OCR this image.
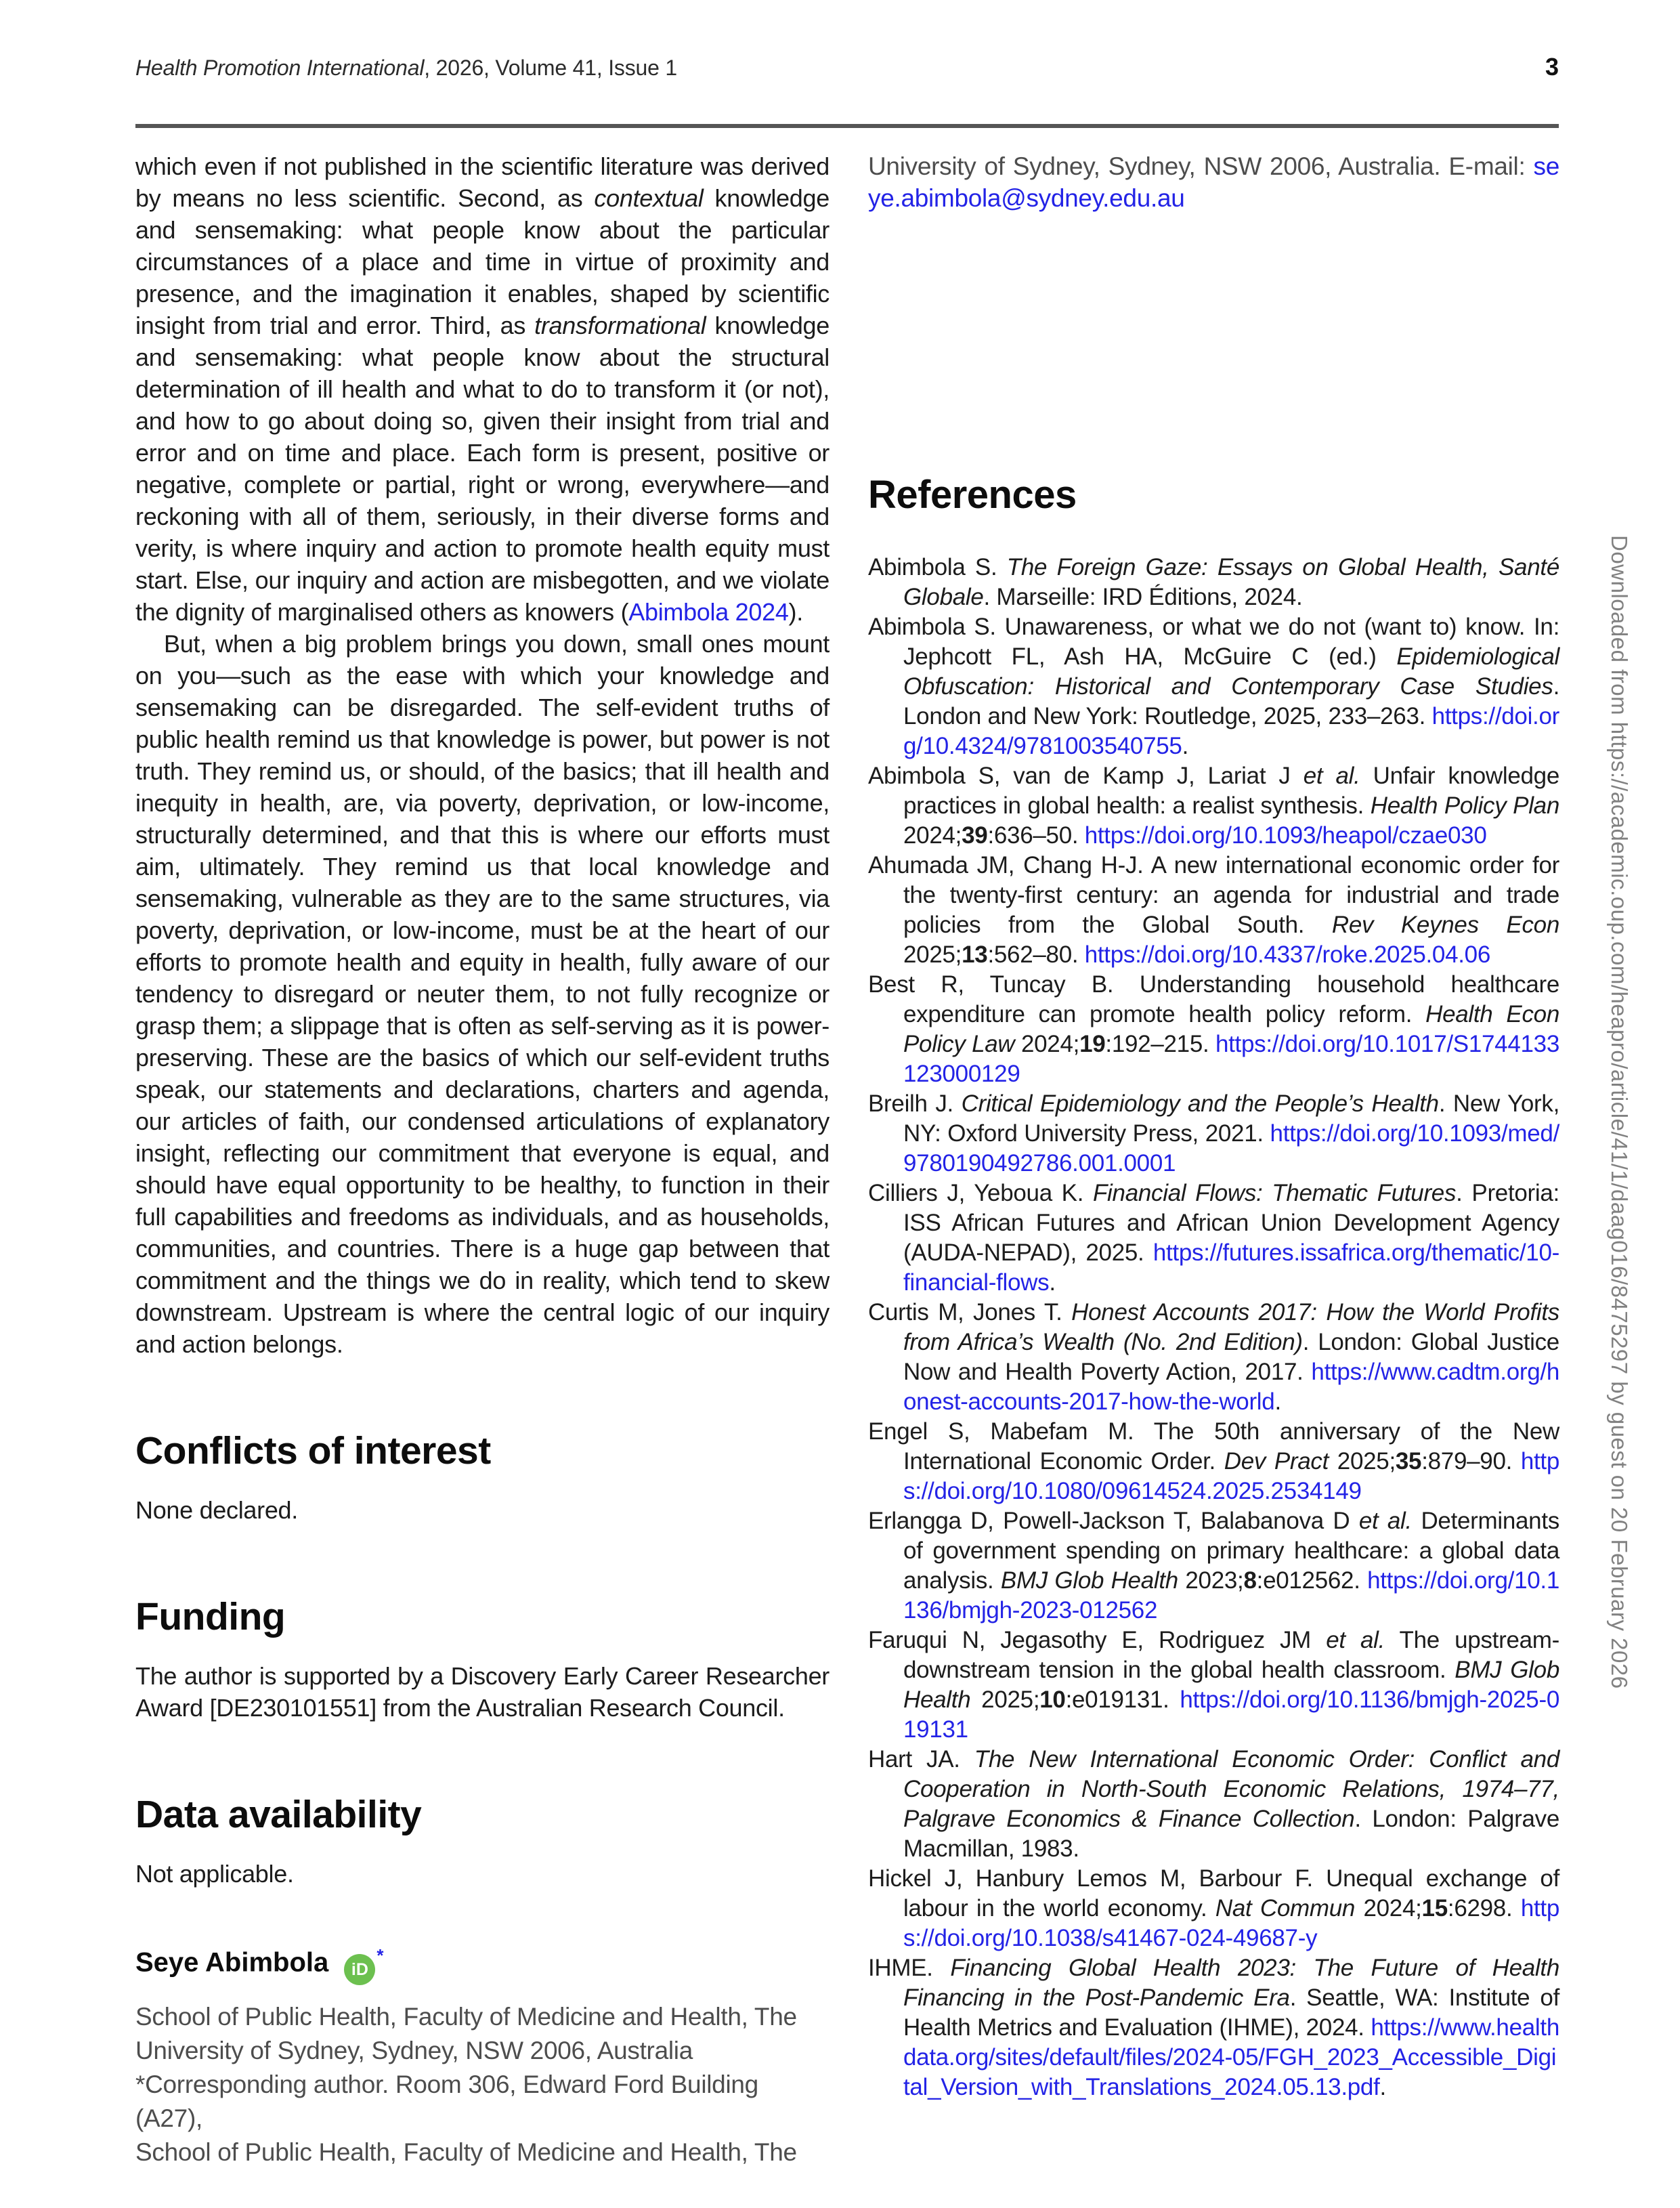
Health Promotion International, 2026, Volume 41, Issue 1	3

which even if not published in the scientific literature was derived by means no less scientific. Second, as contextual knowledge and sensemaking: what people know about the particular circumstances of a place and time in virtue of proximity and presence, and the imagination it enables, shaped by scientific insight from trial and error. Third, as transformational knowledge and sensemaking: what people know about the structural determination of ill health and what to do to transform it (or not), and how to go about doing so, given their insight from trial and error and on time and place. Each form is present, positive or negative, complete or partial, right or wrong, everywhere—and reckoning with all of them, seriously, in their diverse forms and verity, is where inquiry and action to promote health equity must start. Else, our inquiry and action are misbegotten, and we violate the dignity of marginalised others as knowers (Abimbola 2024).

But, when a big problem brings you down, small ones mount on you—such as the ease with which your knowledge and sensemaking can be disregarded. The self-evident truths of public health remind us that knowledge is power, but power is not truth. They remind us, or should, of the basics; that ill health and inequity in health, are, via poverty, deprivation, or low-income, structurally determined, and that this is where our efforts must aim, ultimately. They remind us that local knowledge and sensemaking, vulnerable as they are to the same structures, via poverty, deprivation, or low-income, must be at the heart of our efforts to promote health and equity in health, fully aware of our tendency to disregard or neuter them, to not fully recognize or grasp them; a slippage that is often as self-serving as it is power-preserving. These are the basics of which our self-evident truths speak, our statements and declarations, charters and agenda, our articles of faith, our condensed articulations of explanatory insight, reflecting our commitment that everyone is equal, and should have equal opportunity to be healthy, to function in their full capabilities and freedoms as individuals, and as households, communities, and countries. There is a huge gap between that commitment and the things we do in reality, which tend to skew downstream. Upstream is where the central logic of our inquiry and action belongs.

Conflicts of interest

None declared.

Funding

The author is supported by a Discovery Early Career Researcher Award [DE230101551] from the Australian Research Council.

Data availability

Not applicable.

Seye Abimbola iD*
School of Public Health, Faculty of Medicine and Health, The
University of Sydney, Sydney, NSW 2006, Australia
*Corresponding author. Room 306, Edward Ford Building (A27),
School of Public Health, Faculty of Medicine and Health, The

University of Sydney, Sydney, NSW 2006, Australia. E-mail: seye.abimbola@sydney.edu.au

References
Abimbola S. The Foreign Gaze: Essays on Global Health, Santé Globale. Marseille: IRD Éditions, 2024.
Abimbola S. Unawareness, or what we do not (want to) know. In: Jephcott FL, Ash HA, McGuire C (ed.) Epidemiological Obfuscation: Historical and Contemporary Case Studies. London and New York: Routledge, 2025, 233–263. https://doi.org/10.4324/9781003540755.
Abimbola S, van de Kamp J, Lariat J et al. Unfair knowledge practices in global health: a realist synthesis. Health Policy Plan 2024;39:636–50. https://doi.org/10.1093/heapol/czae030
Ahumada JM, Chang H-J. A new international economic order for the twenty-first century: an agenda for industrial and trade policies from the Global South. Rev Keynes Econ 2025;13:562–80. https://doi.org/10.4337/roke.2025.04.06
Best R, Tuncay B. Understanding household healthcare expenditure can promote health policy reform. Health Econ Policy Law 2024;19:192–215. https://doi.org/10.1017/S1744133123000129
Breilh J. Critical Epidemiology and the People’s Health. New York, NY: Oxford University Press, 2021. https://doi.org/10.1093/med/9780190492786.001.0001
Cilliers J, Yeboua K. Financial Flows: Thematic Futures. Pretoria: ISS African Futures and African Union Development Agency (AUDA-NEPAD), 2025. https://futures.issafrica.org/thematic/10-financial-flows.
Curtis M, Jones T. Honest Accounts 2017: How the World Profits from Africa’s Wealth (No. 2nd Edition). London: Global Justice Now and Health Poverty Action, 2017. https://www.cadtm.org/honest-accounts-2017-how-the-world.
Engel S, Mabefam M. The 50th anniversary of the New International Economic Order. Dev Pract 2025;35:879–90. https://doi.org/10.1080/09614524.2025.2534149
Erlangga D, Powell-Jackson T, Balabanova D et al. Determinants of government spending on primary healthcare: a global data analysis. BMJ Glob Health 2023;8:e012562. https://doi.org/10.1136/bmjgh-2023-012562
Faruqui N, Jegasothy E, Rodriguez JM et al. The upstream-downstream tension in the global health classroom. BMJ Glob Health 2025;10:e019131. https://doi.org/10.1136/bmjgh-2025-019131
Hart JA. The New International Economic Order: Conflict and Cooperation in North-South Economic Relations, 1974–77, Palgrave Economics & Finance Collection. London: Palgrave Macmillan, 1983.
Hickel J, Hanbury Lemos M, Barbour F. Unequal exchange of labour in the world economy. Nat Commun 2024;15:6298. https://doi.org/10.1038/s41467-024-49687-y
IHME. Financing Global Health 2023: The Future of Health Financing in the Post-Pandemic Era. Seattle, WA: Institute of Health Metrics and Evaluation (IHME), 2024. https://www.healthdata.org/sites/default/files/2024-05/FGH_2023_Accessible_Digital_Version_with_Translations_2024.05.13.pdf.
Downloaded from https://academic.oup.com/heapro/article/41/1/daag016/8475297 by guest on 20 February 2026
